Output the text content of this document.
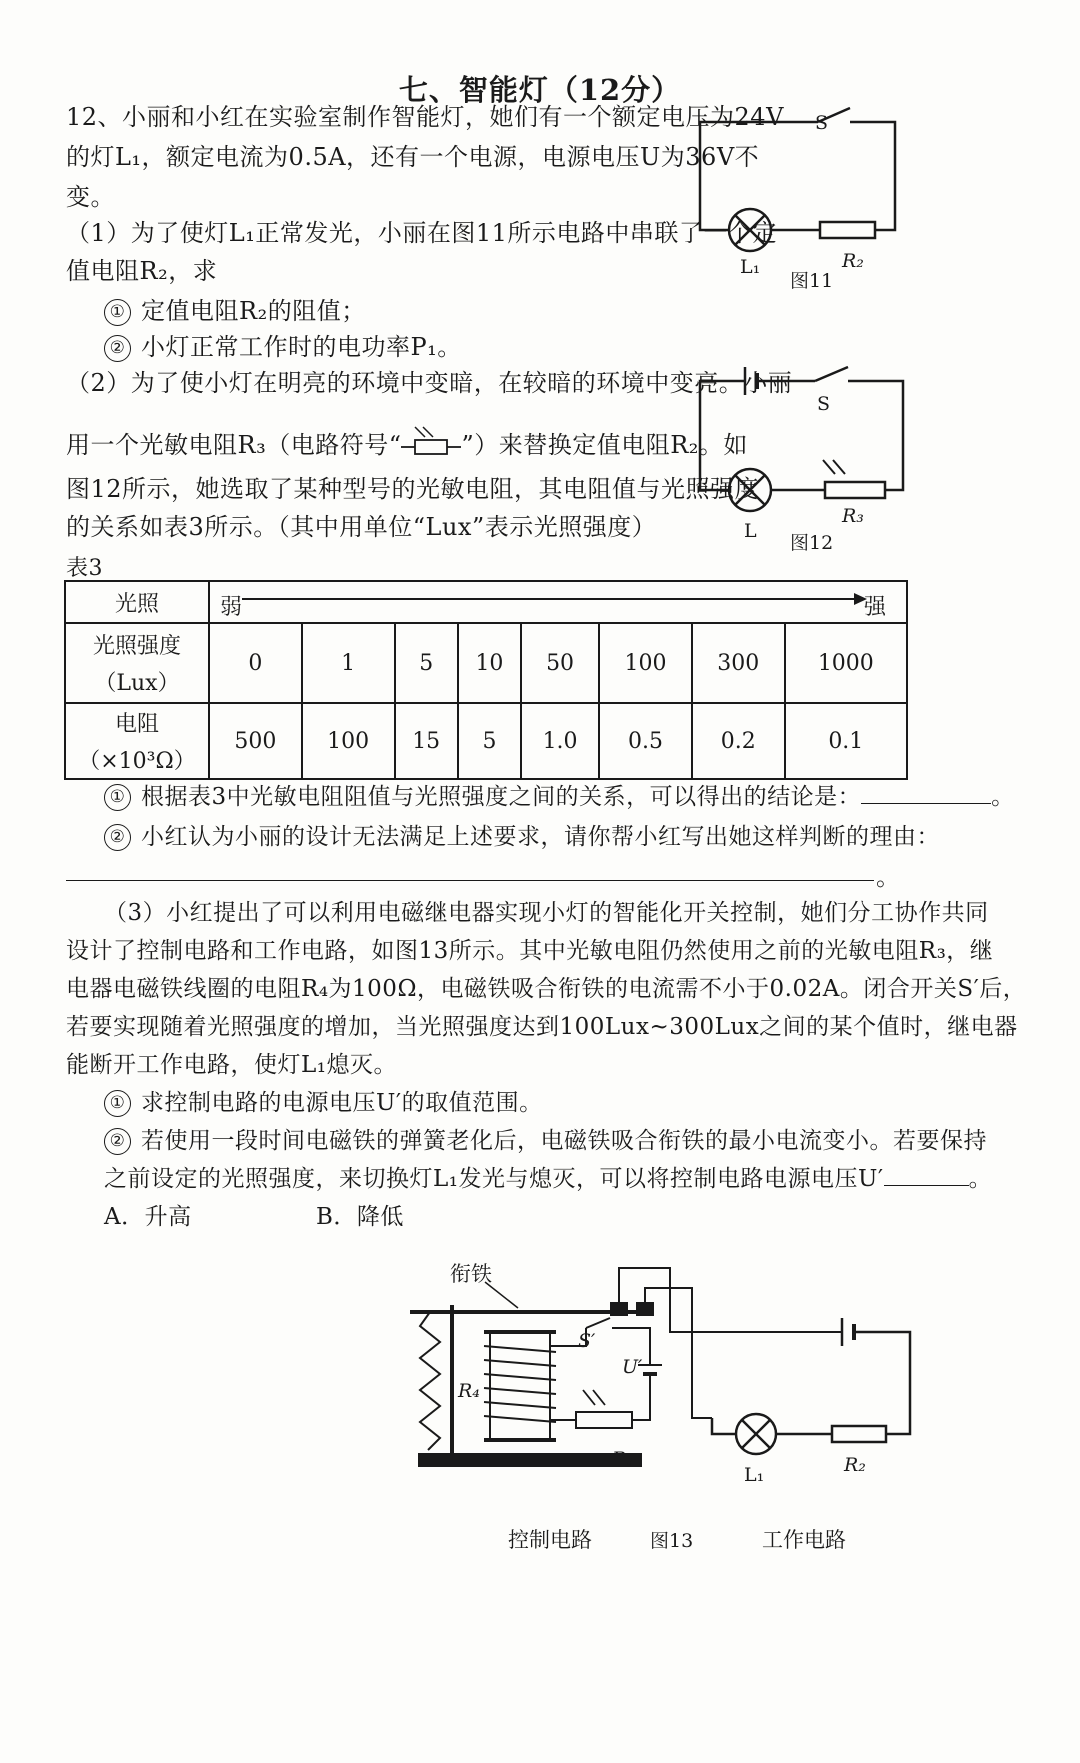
七、智能灯（12分）
12、小丽和小红在实验室制作智能灯，她们有一个额定电压为24V
的灯L₁，额定电流为0.5A，还有一个电源，电源电压U为36V不
变。
（1）为了使灯L₁正常发光，小丽在图11所示电路中串联了一个定
值电阻R₂，求
① 定值电阻R₂的阻值；
② 小灯正常工作时的电功率P₁。
S
L₁	R₂
图11
（2）为了使小灯在明亮的环境中变暗，在较暗的环境中变亮。小丽
用一个光敏电阻R₃（电路符号“	”）来替换定值电阻R₂。如
图12所示，她选取了某种型号的光敏电阻，其电阻值与光照强度
的关系如表3所示。（其中用单位“Lux”表示光照强度）
S
L
R₃
图12
表3
光照	弱 强							

光照强度
（Lux）	0	1	5	10	50	100	300	1000

电阻
（×10³Ω）	500	100	15	5	1.0	0.5	0.2	0.1
① 根据表3中光敏电阻阻值与光照强度之间的关系，可以得出的结论是：	。
② 小红认为小丽的设计无法满足上述要求，请你帮小红写出她这样判断的理由：
。
（3）小红提出了可以利用电磁继电器实现小灯的智能化开关控制，她们分工协作共同
设计了控制电路和工作电路，如图13所示。其中光敏电阻仍然使用之前的光敏电阻R₃，继
电器电磁铁线圈的电阻R₄为100Ω，电磁铁吸合衔铁的电流需不小于0.02A。闭合开关S′后，
若要实现随着光照强度的增加，当光照强度达到100Lux~300Lux之间的某个值时，继电器
能断开工作电路，使灯L₁熄灭。
① 求控制电路的电源电压U′的取值范围。
② 若使用一段时间电磁铁的弹簧老化后，电磁铁吸合衔铁的最小电流变小。若要保持
之前设定的光照强度，来切换灯L₁发光与熄灭，可以将控制电路电源电压U′	。
A．升高	B．降低
衔铁
S′
U′
R₄
R₃
L₁	R₂
控制电路	图13	工作电路
